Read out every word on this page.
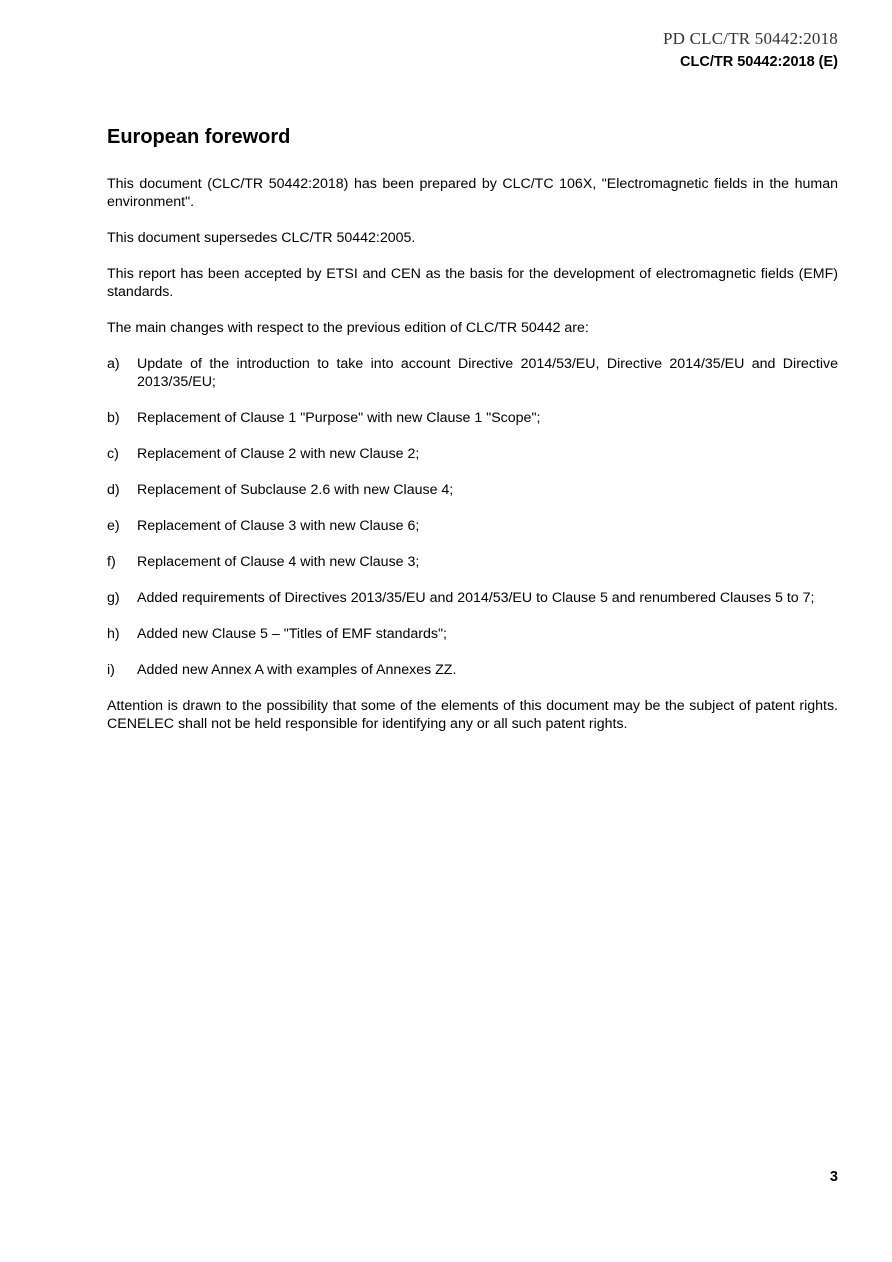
PD CLC/TR 50442:2018
CLC/TR 50442:2018 (E)
European foreword

This document (CLC/TR 50442:2018) has been prepared by CLC/TC 106X, "Electromagnetic fields in the human environment".

This document supersedes CLC/TR 50442:2005.

This report has been accepted by ETSI and CEN as the basis for the development of electromagnetic fields (EMF) standards.

The main changes with respect to the previous edition of CLC/TR 50442 are:

a)	Update of the introduction to take into account Directive 2014/53/EU, Directive 2014/35/EU and Directive 2013/35/EU;
b)	Replacement of Clause 1 "Purpose" with new Clause 1 "Scope";
c)	Replacement of Clause 2 with new Clause 2;
d)	Replacement of Subclause 2.6 with new Clause 4;
e)	Replacement of Clause 3 with new Clause 6;
f)	Replacement of Clause 4 with new Clause 3;
g)	Added requirements of Directives 2013/35/EU and 2014/53/EU to Clause 5 and renumbered Clauses 5 to 7;
h)	Added new Clause 5 – "Titles of EMF standards";
i)	Added new Annex A with examples of Annexes ZZ.

Attention is drawn to the possibility that some of the elements of this document may be the subject of patent rights. CENELEC shall not be held responsible for identifying any or all such patent rights.

3
